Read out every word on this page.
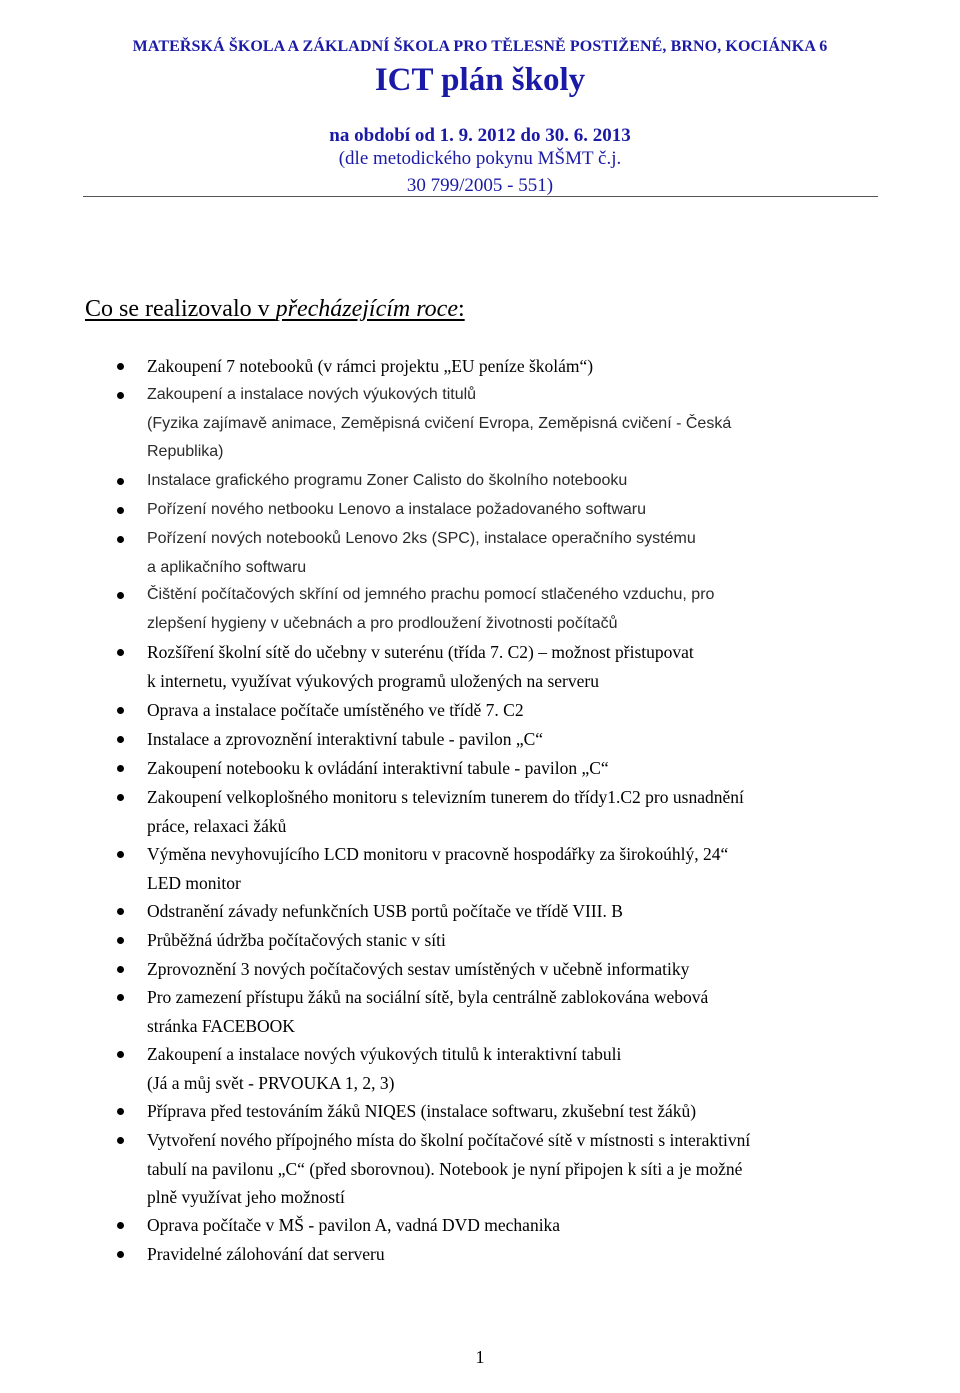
MATEŘSKÁ ŠKOLA A ZÁKLADNÍ ŠKOLA PRO TĚLESNĚ POSTIŽENÉ, BRNO, KOCIÁNKA 6
ICT plán školy
na období od 1. 9. 2012 do 30. 6. 2013
(dle metodického pokynu MŠMT č.j.
30 799/2005 - 551)
Co se realizovalo v přecházejícím roce:
Zakoupení 7 notebooků (v rámci projektu „EU peníze školám“)
Zakoupení a instalace nových výukových titulů
(Fyzika zajímavě animace, Zeměpisná cvičení Evropa, Zeměpisná cvičení - Česká
Republika)
Instalace grafického programu Zoner Calisto do školního notebooku
Pořízení nového netbooku Lenovo a instalace požadovaného softwaru
Pořízení nových notebooků Lenovo 2ks (SPC), instalace operačního systému
a aplikačního softwaru
Čištění počítačových skříní od jemného prachu pomocí stlačeného vzduchu, pro
zlepšení hygieny v učebnách a pro prodloužení životnosti počítačů
Rozšíření školní sítě do učebny v suterénu (třída 7. C2) – možnost přistupovat
k internetu, využívat výukových programů uložených na serveru
Oprava a instalace počítače umístěného ve třídě 7. C2
Instalace a zprovoznění interaktivní tabule - pavilon „C“
Zakoupení notebooku k ovládání interaktivní tabule - pavilon „C“
Zakoupení velkoplošného monitoru s televizním tunerem do třídy1.C2 pro usnadnění
práce, relaxaci žáků
Výměna nevyhovujícího LCD monitoru v pracovně hospodářky za širokoúhlý, 24“
LED monitor
Odstranění závady nefunkčních USB portů počítače ve třídě VIII. B
Průběžná údržba počítačových stanic v síti
Zprovoznění 3 nových počítačových sestav umístěných v učebně informatiky
Pro zamezení přístupu žáků na sociální sítě, byla centrálně zablokována webová
stránka FACEBOOK
Zakoupení a instalace nových výukových titulů k interaktivní tabuli
(Já a můj svět - PRVOUKA 1, 2, 3)
Příprava před testováním žáků NIQES (instalace softwaru, zkušební test žáků)
Vytvoření nového přípojného místa do školní počítačové sítě v místnosti s interaktivní
tabulí na pavilonu „C“ (před sborovnou). Notebook je nyní připojen k síti a je možné
plně využívat jeho možností
Oprava počítače v MŠ - pavilon A, vadná DVD mechanika
Pravidelné zálohování dat serveru
1
